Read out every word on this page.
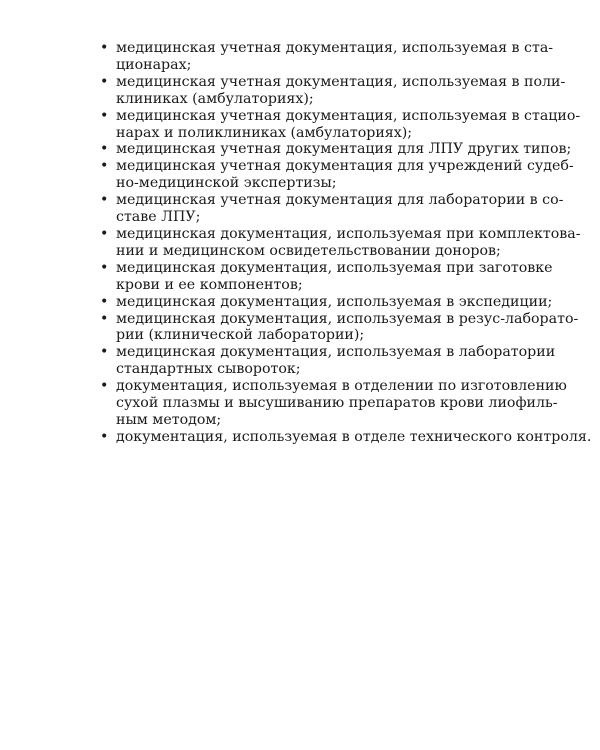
• медицинская учетная документация, используемая в ста-
ционарах;
• медицинская учетная документация, используемая в поли-
клиниках (амбулаториях);
• медицинская учетная документация, используемая в стацио-
нарах и поликлиниках (амбулаториях);
• медицинская учетная документация для ЛПУ других типов;
• медицинская учетная документация для учреждений судеб-
но-медицинской экспертизы;
• медицинская учетная документация для лаборатории в со-
ставе ЛПУ;
• медицинская документация, используемая при комплектова-
нии и медицинском освидетельствовании доноров;
• медицинская документация, используемая при заготовке
крови и ее компонентов;
• медицинская документация, используемая в экспедиции;
• медицинская документация, используемая в резус-лаборато-
рии (клинической лаборатории);
• медицинская документация, используемая в лаборатории
стандартных сывороток;
• документация, используемая в отделении по изготовлению
сухой плазмы и высушиванию препаратов крови лиофиль-
ным методом;
• документация, используемая в отделе технического контроля.
